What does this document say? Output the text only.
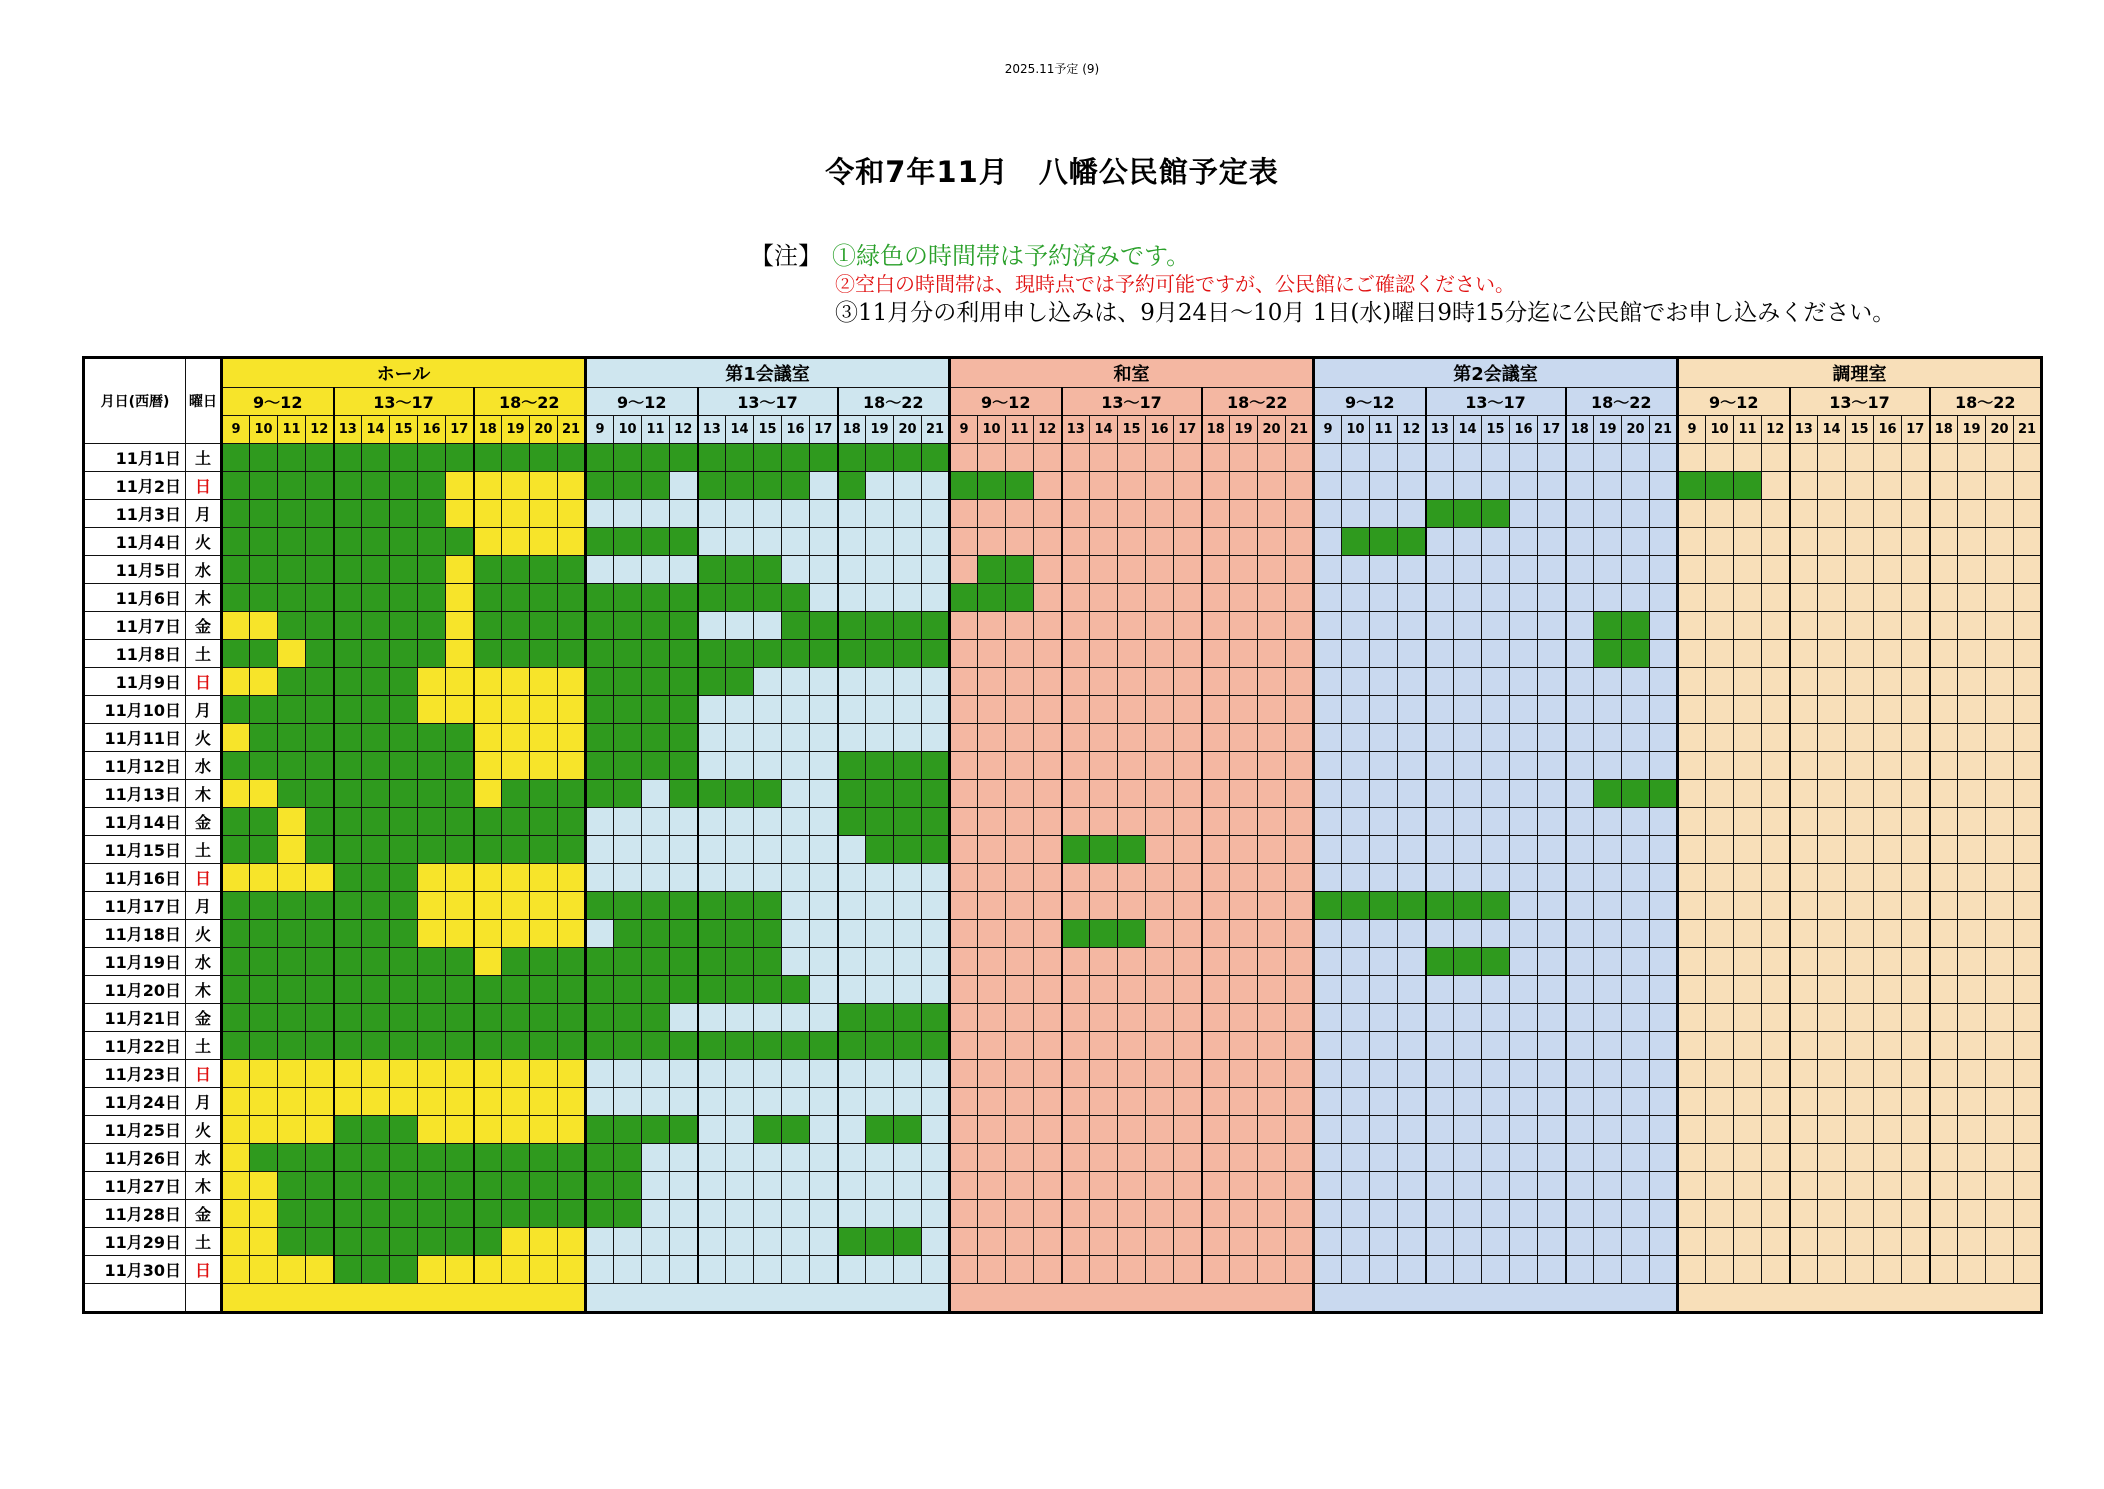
2025.11予定 (9)
令和7年11月　八幡公民館予定表
【注】 ①緑色の時間帯は予約済みです。
②空白の時間帯は、現時点では予約可能ですが、公民館にご確認ください。
③11月分の利用申し込みは、9月24日～10月 1日(水)曜日9時15分迄に公民館でお申し込みください。
月日(西暦)	曜日	ホール	第1会議室	和室	第2会議室	調理室
9～12	13～17	18～22	9～12	13～17	18～22	9～12	13～17	18～22	9～12	13～17	18～22	9～12	13～17	18～22
9	10	11	12	13	14	15	16	17	18	19	20	21	9	10	11	12	13	14	15	16	17	18	19	20	21	9	10	11	12	13	14	15	16	17	18	19	20	21	9	10	11	12	13	14	15	16	17	18	19	20	21	9	10	11	12	13	14	15	16	17	18	19	20	21
11月1日	土																																																																	
11月2日	日																																																																	
11月3日	月																																																																	
11月4日	火																																																																	
11月5日	水																																																																	
11月6日	木																																																																	
11月7日	金																																																																	
11月8日	土																																																																	
11月9日	日																																																																	
11月10日	月																																																																	
11月11日	火																																																																	
11月12日	水																																																																	
11月13日	木																																																																	
11月14日	金																																																																	
11月15日	土																																																																	
11月16日	日																																																																	
11月17日	月																																																																	
11月18日	火																																																																	
11月19日	水																																																																	
11月20日	木																																																																	
11月21日	金																																																																	
11月22日	土																																																																	
11月23日	日																																																																	
11月24日	月																																																																	
11月25日	火																																																																	
11月26日	水																																																																	
11月27日	木																																																																	
11月28日	金																																																																	
11月29日	土																																																																	
11月30日	日																																																																	
